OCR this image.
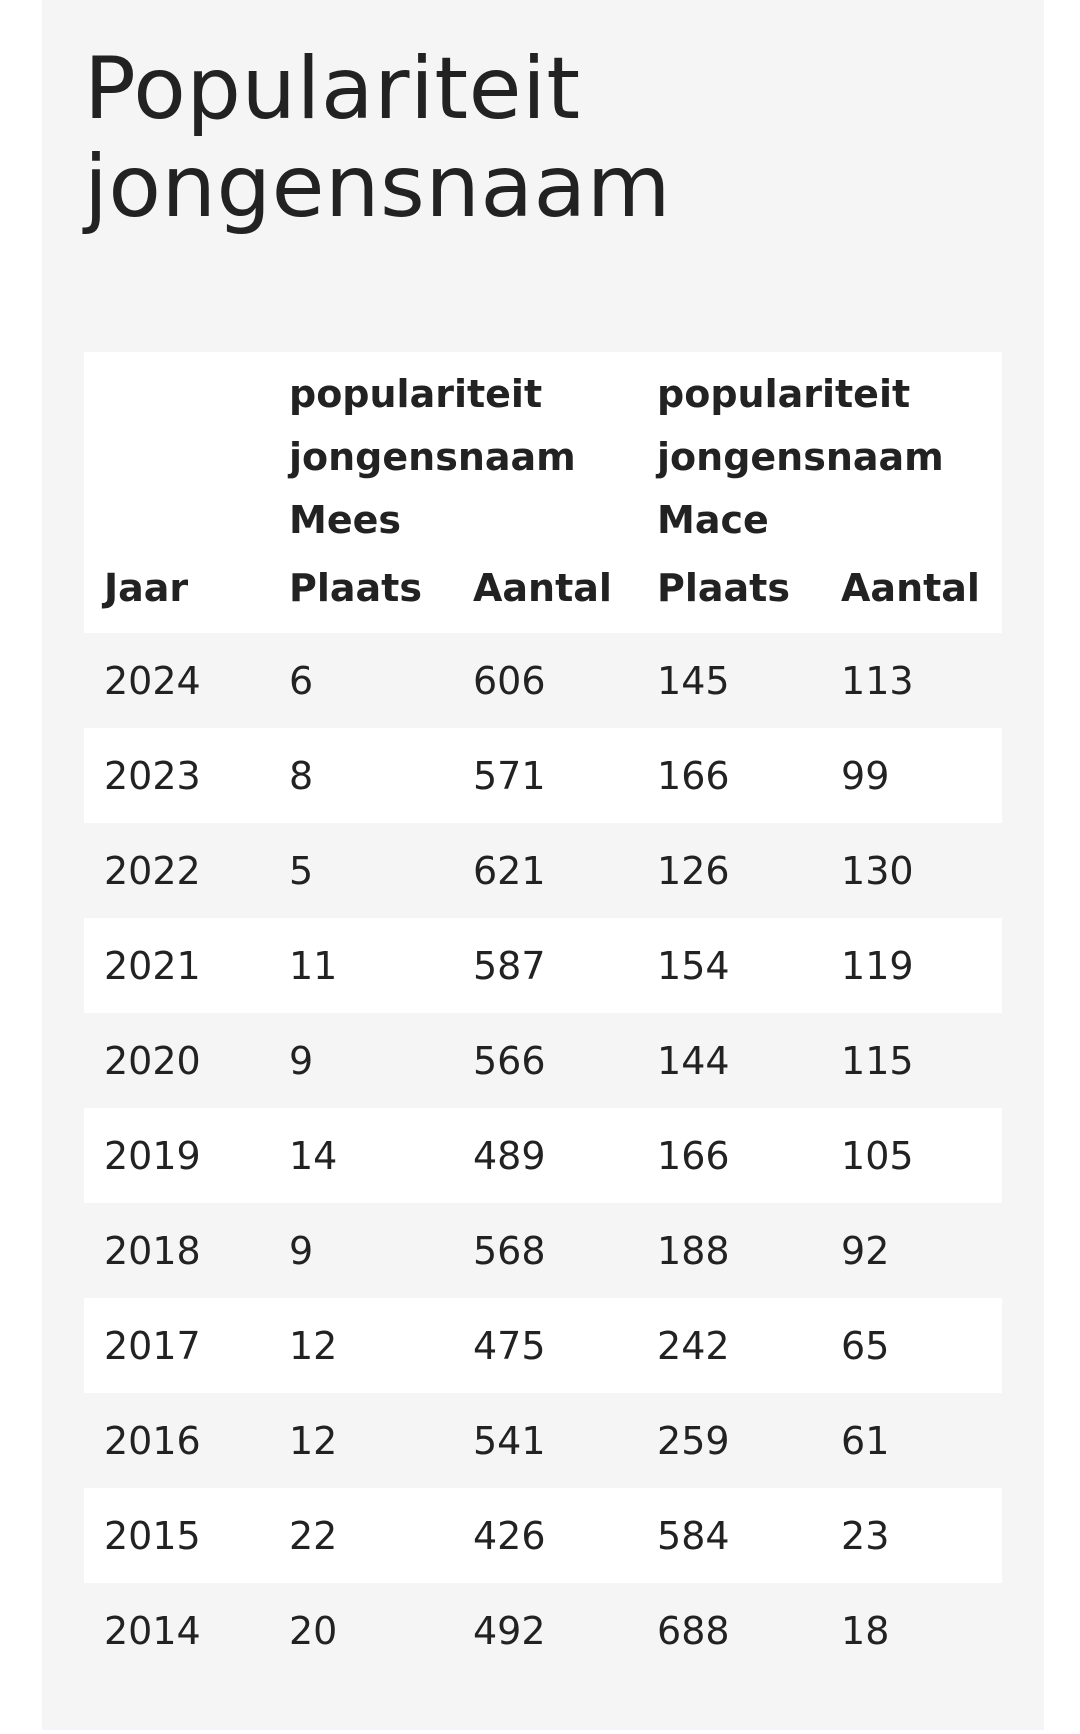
Populariteit
jongensnaam
	populariteit
jongensnaam
Mees		populariteit
jongensnaam
Mace	
Jaar	Plaats	Aantal	Plaats	Aantal
2024	6	606	145	113
2023	8	571	166	99
2022	5	621	126	130
2021	11	587	154	119
2020	9	566	144	115
2019	14	489	166	105
2018	9	568	188	92
2017	12	475	242	65
2016	12	541	259	61
2015	22	426	584	23
2014	20	492	688	18
